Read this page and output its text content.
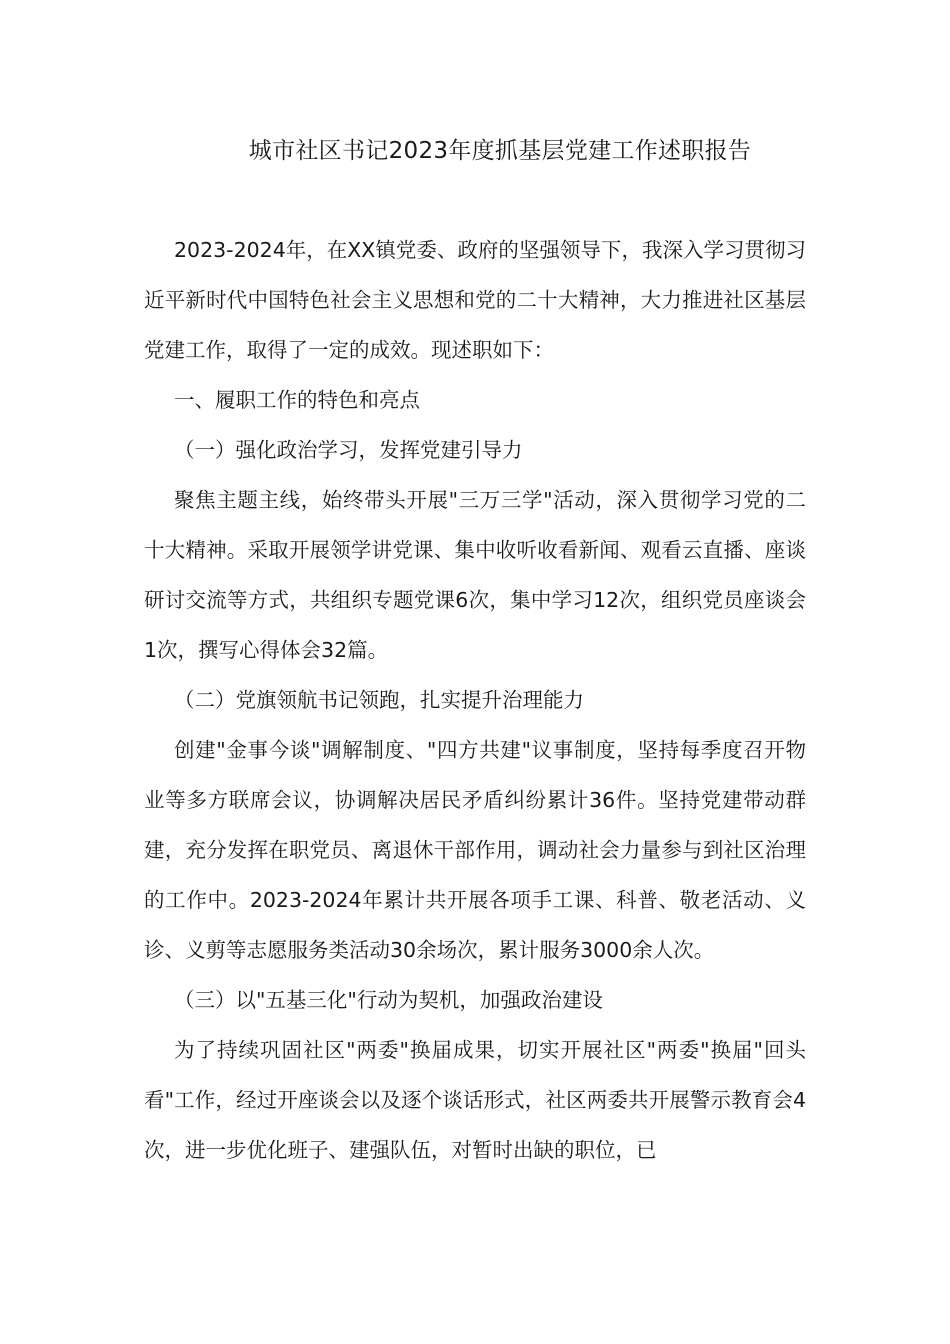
城市社区书记2023年度抓基层党建工作述职报告

2023-2024年，在XX镇党委、政府的坚强领导下，我深入学习贯彻习近平新时代中国特色社会主义思想和党的二十大精神，大力推进社区基层党建工作，取得了一定的成效。现述职如下：

一、履职工作的特色和亮点

（一）强化政治学习，发挥党建引导力

聚焦主题主线，始终带头开展"三万三学"活动，深入贯彻学习党的二十大精神。采取开展领学讲党课、集中收听收看新闻、观看云直播、座谈研讨交流等方式，共组织专题党课6次，集中学习12次，组织党员座谈会1次，撰写心得体会32篇。

（二）党旗领航书记领跑，扎实提升治理能力

创建"金事今谈"调解制度、"四方共建"议事制度，坚持每季度召开物业等多方联席会议，协调解决居民矛盾纠纷累计36件。坚持党建带动群建，充分发挥在职党员、离退休干部作用，调动社会力量参与到社区治理的工作中。2023-2024年累计共开展各项手工课、科普、敬老活动、义诊、义剪等志愿服务类活动30余场次，累计服务3000余人次。

（三）以"五基三化"行动为契机，加强政治建设

为了持续巩固社区"两委"换届成果，切实开展社区"两委"换届"回头看"工作，经过开座谈会以及逐个谈话形式，社区两委共开展警示教育会4次，进一步优化班子、建强队伍，对暂时出缺的职位，已
